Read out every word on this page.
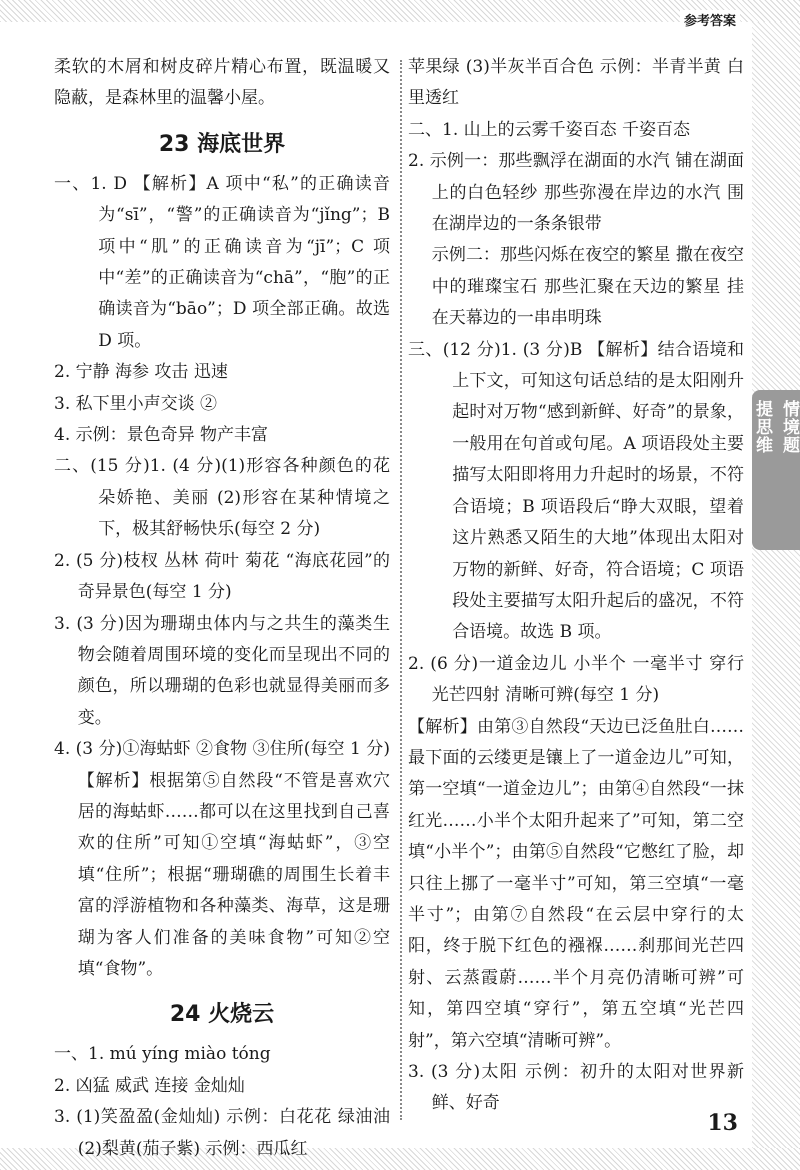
参考答案
情境题
提思维

柔软的木屑和树皮碎片精心布置，既温暖又隐蔽，是森林里的温馨小屋。

23 海底世界

一、1. D 【解析】A 项中“私”的正确读音为“sī”，“警”的正确读音为“jǐng”；B 项中“肌”的正确读音为“jī”；C 项中“差”的正确读音为“chā”，“胞”的正确读音为“bāo”；D 项全部正确。故选 D 项。

2. 宁静 海参 攻击 迅速

3. 私下里小声交谈 ②

4. 示例：景色奇异 物产丰富

二、(15 分)1. (4 分)(1)形容各种颜色的花朵娇艳、美丽 (2)形容在某种情境之下，极其舒畅快乐(每空 2 分)

2. (5 分)枝杈 丛林 荷叶 菊花 “海底花园”的奇异景色(每空 1 分)

3. (3 分)因为珊瑚虫体内与之共生的藻类生物会随着周围环境的变化而呈现出不同的颜色，所以珊瑚的色彩也就显得美丽而多变。

4. (3 分)①海蛄虾 ②食物 ③住所(每空 1 分) 【解析】根据第⑤自然段“不管是喜欢穴居的海蛄虾……都可以在这里找到自己喜欢的住所”可知①空填“海蛄虾”，③空填“住所”；根据“珊瑚礁的周围生长着丰富的浮游植物和各种藻类、海草，这是珊瑚为客人们准备的美味食物”可知②空填“食物”。

24 火烧云

一、1. mú yíng miào tóng

2. 凶猛 威武 连接 金灿灿

3. (1)笑盈盈(金灿灿) 示例：白花花 绿油油 (2)梨黄(茄子紫) 示例：西瓜红

苹果绿 (3)半灰半百合色 示例：半青半黄 白里透红

二、1. 山上的云雾千姿百态 千姿百态

2. 示例一：那些飘浮在湖面的水汽 铺在湖面上的白色轻纱 那些弥漫在岸边的水汽 围在湖岸边的一条条银带

示例二：那些闪烁在夜空的繁星 撒在夜空中的璀璨宝石 那些汇聚在天边的繁星 挂在天幕边的一串串明珠

三、(12 分)1. (3 分)B 【解析】结合语境和上下文，可知这句话总结的是太阳刚升起时对万物“感到新鲜、好奇”的景象，一般用在句首或句尾。A 项语段处主要描写太阳即将用力升起时的场景，不符合语境；B 项语段后“睁大双眼，望着这片熟悉又陌生的大地”体现出太阳对万物的新鲜、好奇，符合语境；C 项语段处主要描写太阳升起后的盛况，不符合语境。故选 B 项。

2. (6 分)一道金边儿 小半个 一毫半寸 穿行 光芒四射 清晰可辨(每空 1 分)

【解析】由第③自然段“天边已泛鱼肚白……最下面的云缕更是镶上了一道金边儿”可知，第一空填“一道金边儿”；由第④自然段“一抹红光……小半个太阳升起来了”可知，第二空填“小半个”；由第⑤自然段“它憋红了脸，却只往上挪了一毫半寸”可知，第三空填“一毫半寸”；由第⑦自然段“在云层中穿行的太阳，终于脱下红色的襁褓……刹那间光芒四射、云蒸霞蔚……半个月亮仍清晰可辨”可知，第四空填“穿行”，第五空填“光芒四射”，第六空填“清晰可辨”。

3. (3 分)太阳 示例：初升的太阳对世界新鲜、好奇

13
